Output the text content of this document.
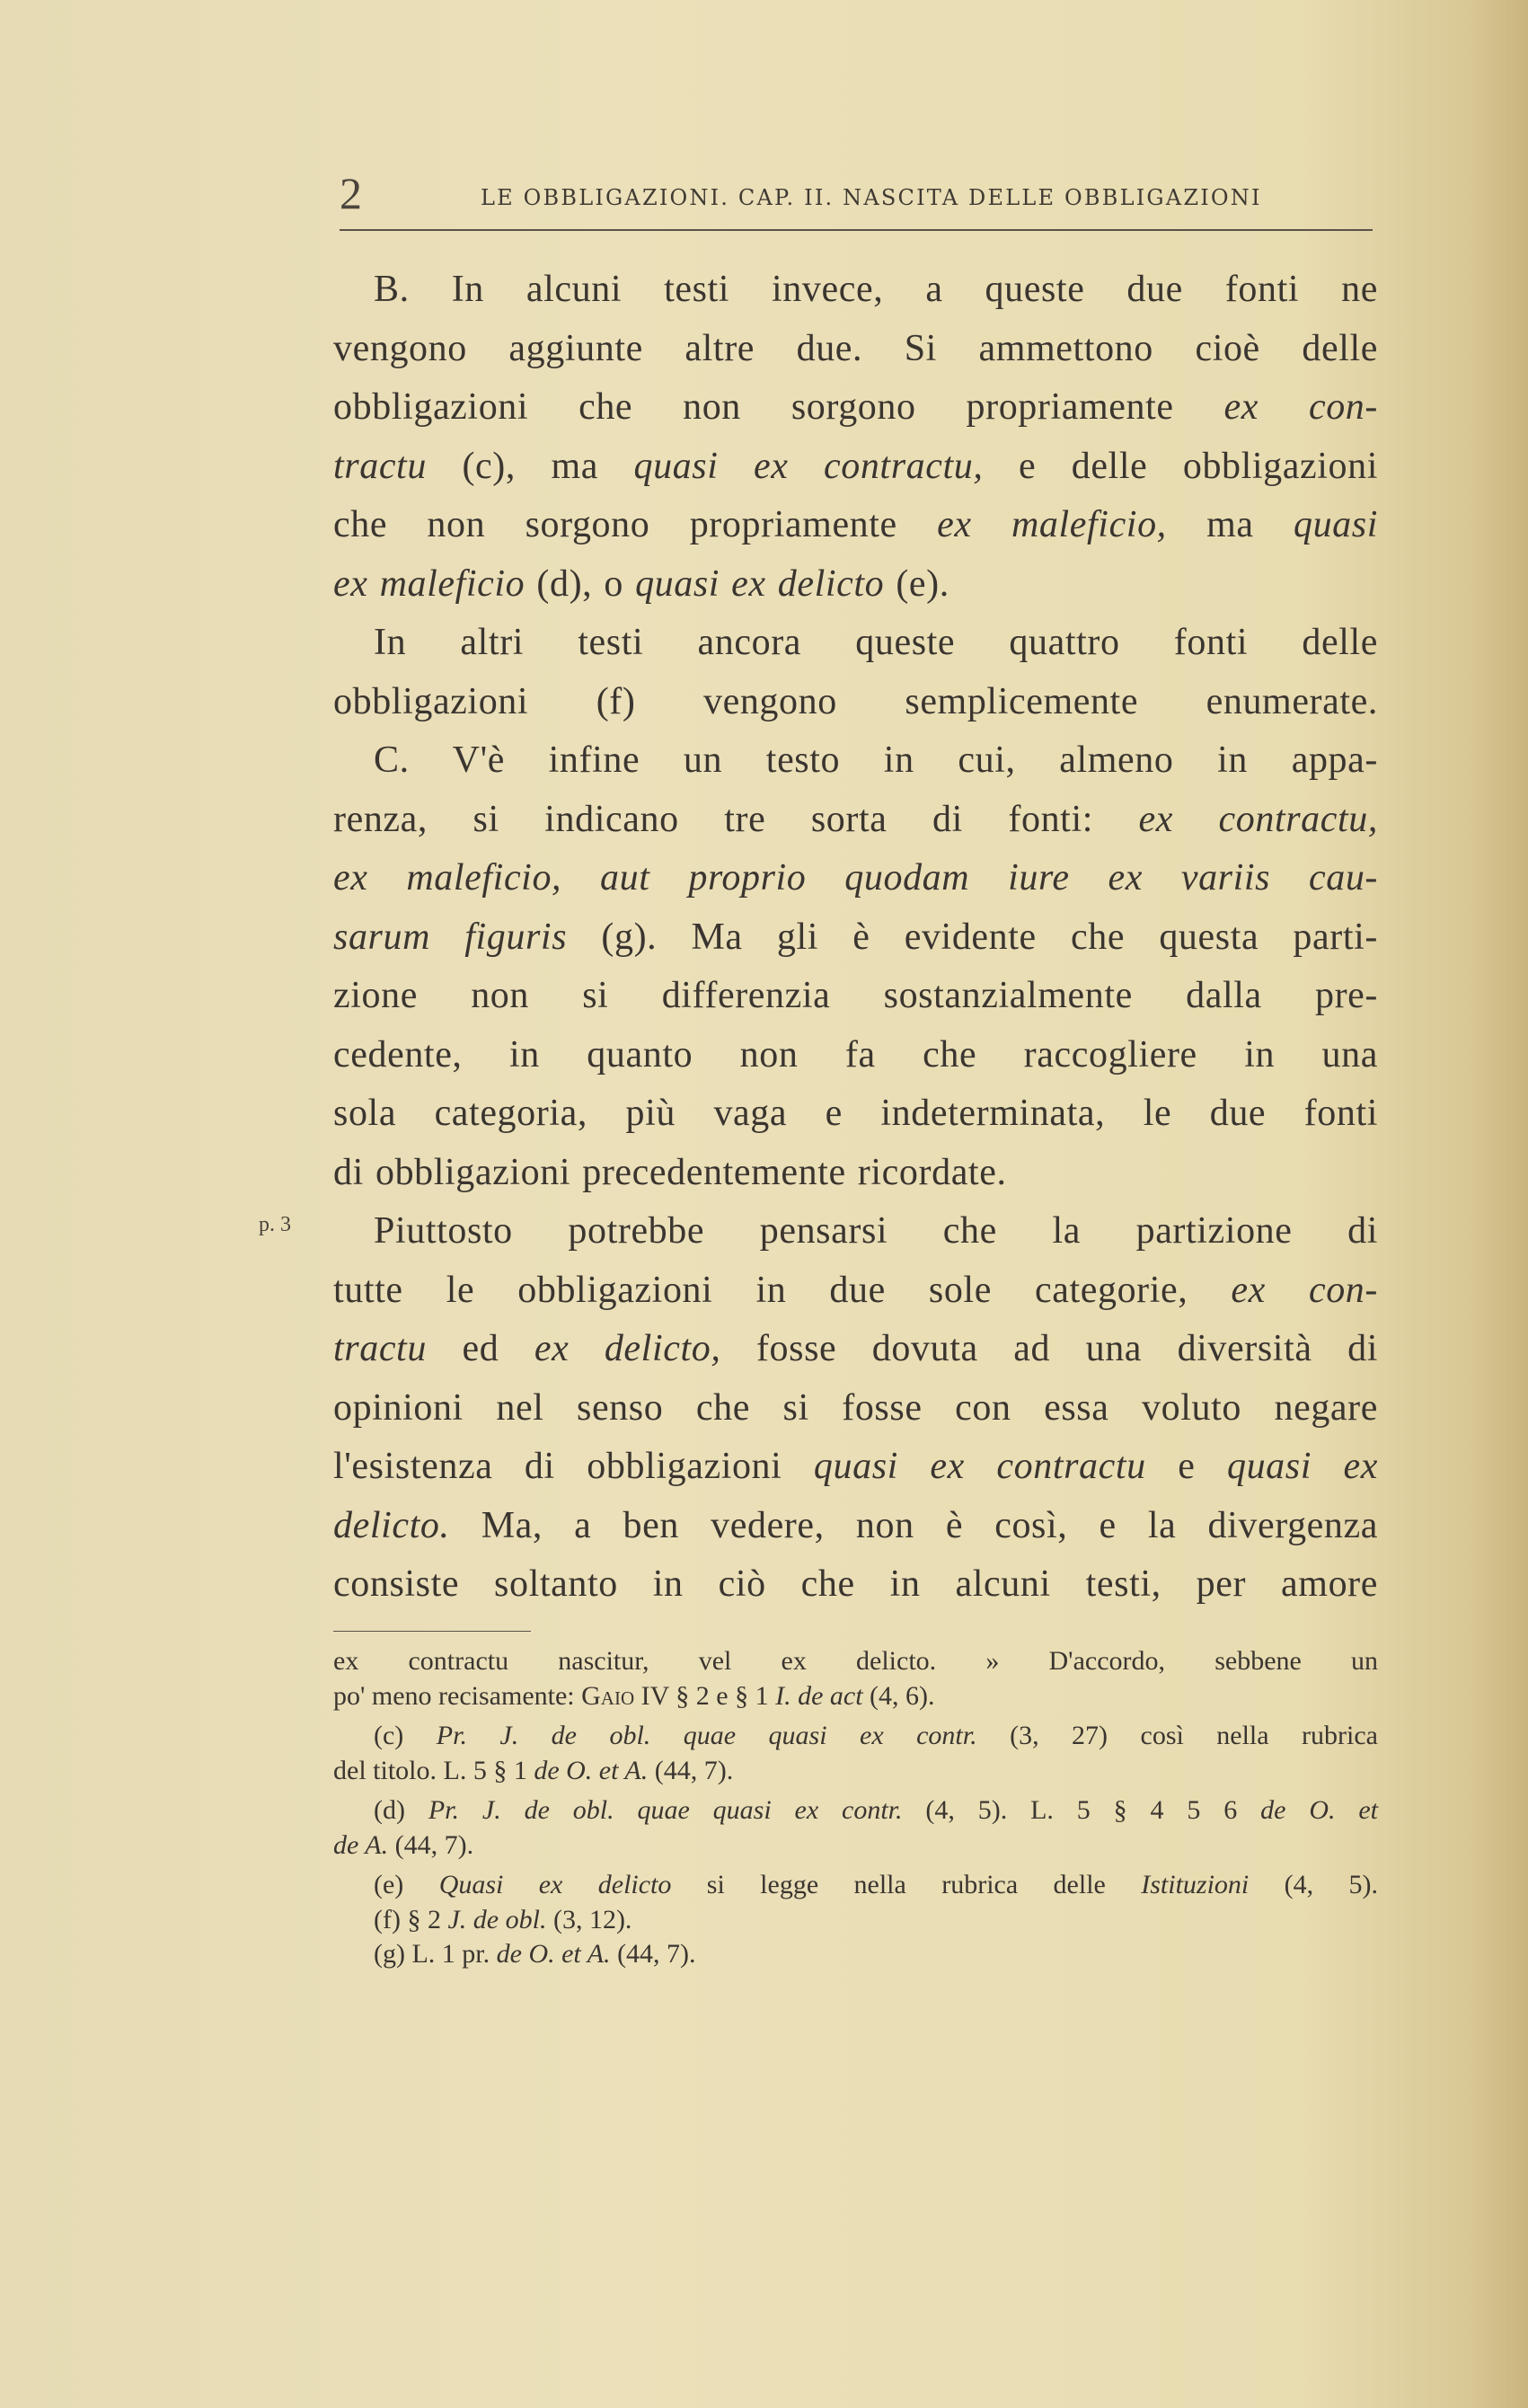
2	LE OBBLIGAZIONI. CAP. II. NASCITA DELLE OBBLIGAZIONI
B. In alcuni testi invece, a queste due fonti ne
vengono aggiunte altre due. Si ammettono cioè delle
obbligazioni che non sorgono propriamente ex con-
tractu (c), ma quasi ex contractu, e delle obbligazioni
che non sorgono propriamente ex maleficio, ma quasi
ex maleficio (d), o quasi ex delicto (e).
In altri testi ancora queste quattro fonti delle
obbligazioni (f) vengono semplicemente enumerate.
C. V'è infine un testo in cui, almeno in appa-
renza, si indicano tre sorta di fonti: ex contractu,
ex maleficio, aut proprio quodam iure ex variis cau-
sarum figuris (g). Ma gli è evidente che questa parti-
zione non si differenzia sostanzialmente dalla pre-
cedente, in quanto non fa che raccogliere in una
sola categoria, più vaga e indeterminata, le due fonti
di obbligazioni precedentemente ricordate.
Piuttosto potrebbe pensarsi che la partizione di
tutte le obbligazioni in due sole categorie, ex con-
tractu ed ex delicto, fosse dovuta ad una diversità di
opinioni nel senso che si fosse con essa voluto negare
l'esistenza di obbligazioni quasi ex contractu e quasi ex
delicto. Ma, a ben vedere, non è così, e la divergenza
consiste soltanto in ciò che in alcuni testi, per amore
p. 3
ex contractu nascitur, vel ex delicto. » D'accordo, sebbene un
po' meno recisamente: Gaio IV § 2 e § 1 I. de act (4, 6).
(c) Pr. J. de obl. quae quasi ex contr. (3, 27) così nella rubrica
del titolo. L. 5 § 1 de O. et A. (44, 7).
(d) Pr. J. de obl. quae quasi ex contr. (4, 5). L. 5 § 4 5 6 de O. et
de A. (44, 7).
(e) Quasi ex delicto si legge nella rubrica delle Istituzioni (4, 5).
(f) § 2 J. de obl. (3, 12).
(g) L. 1 pr. de O. et A. (44, 7).
